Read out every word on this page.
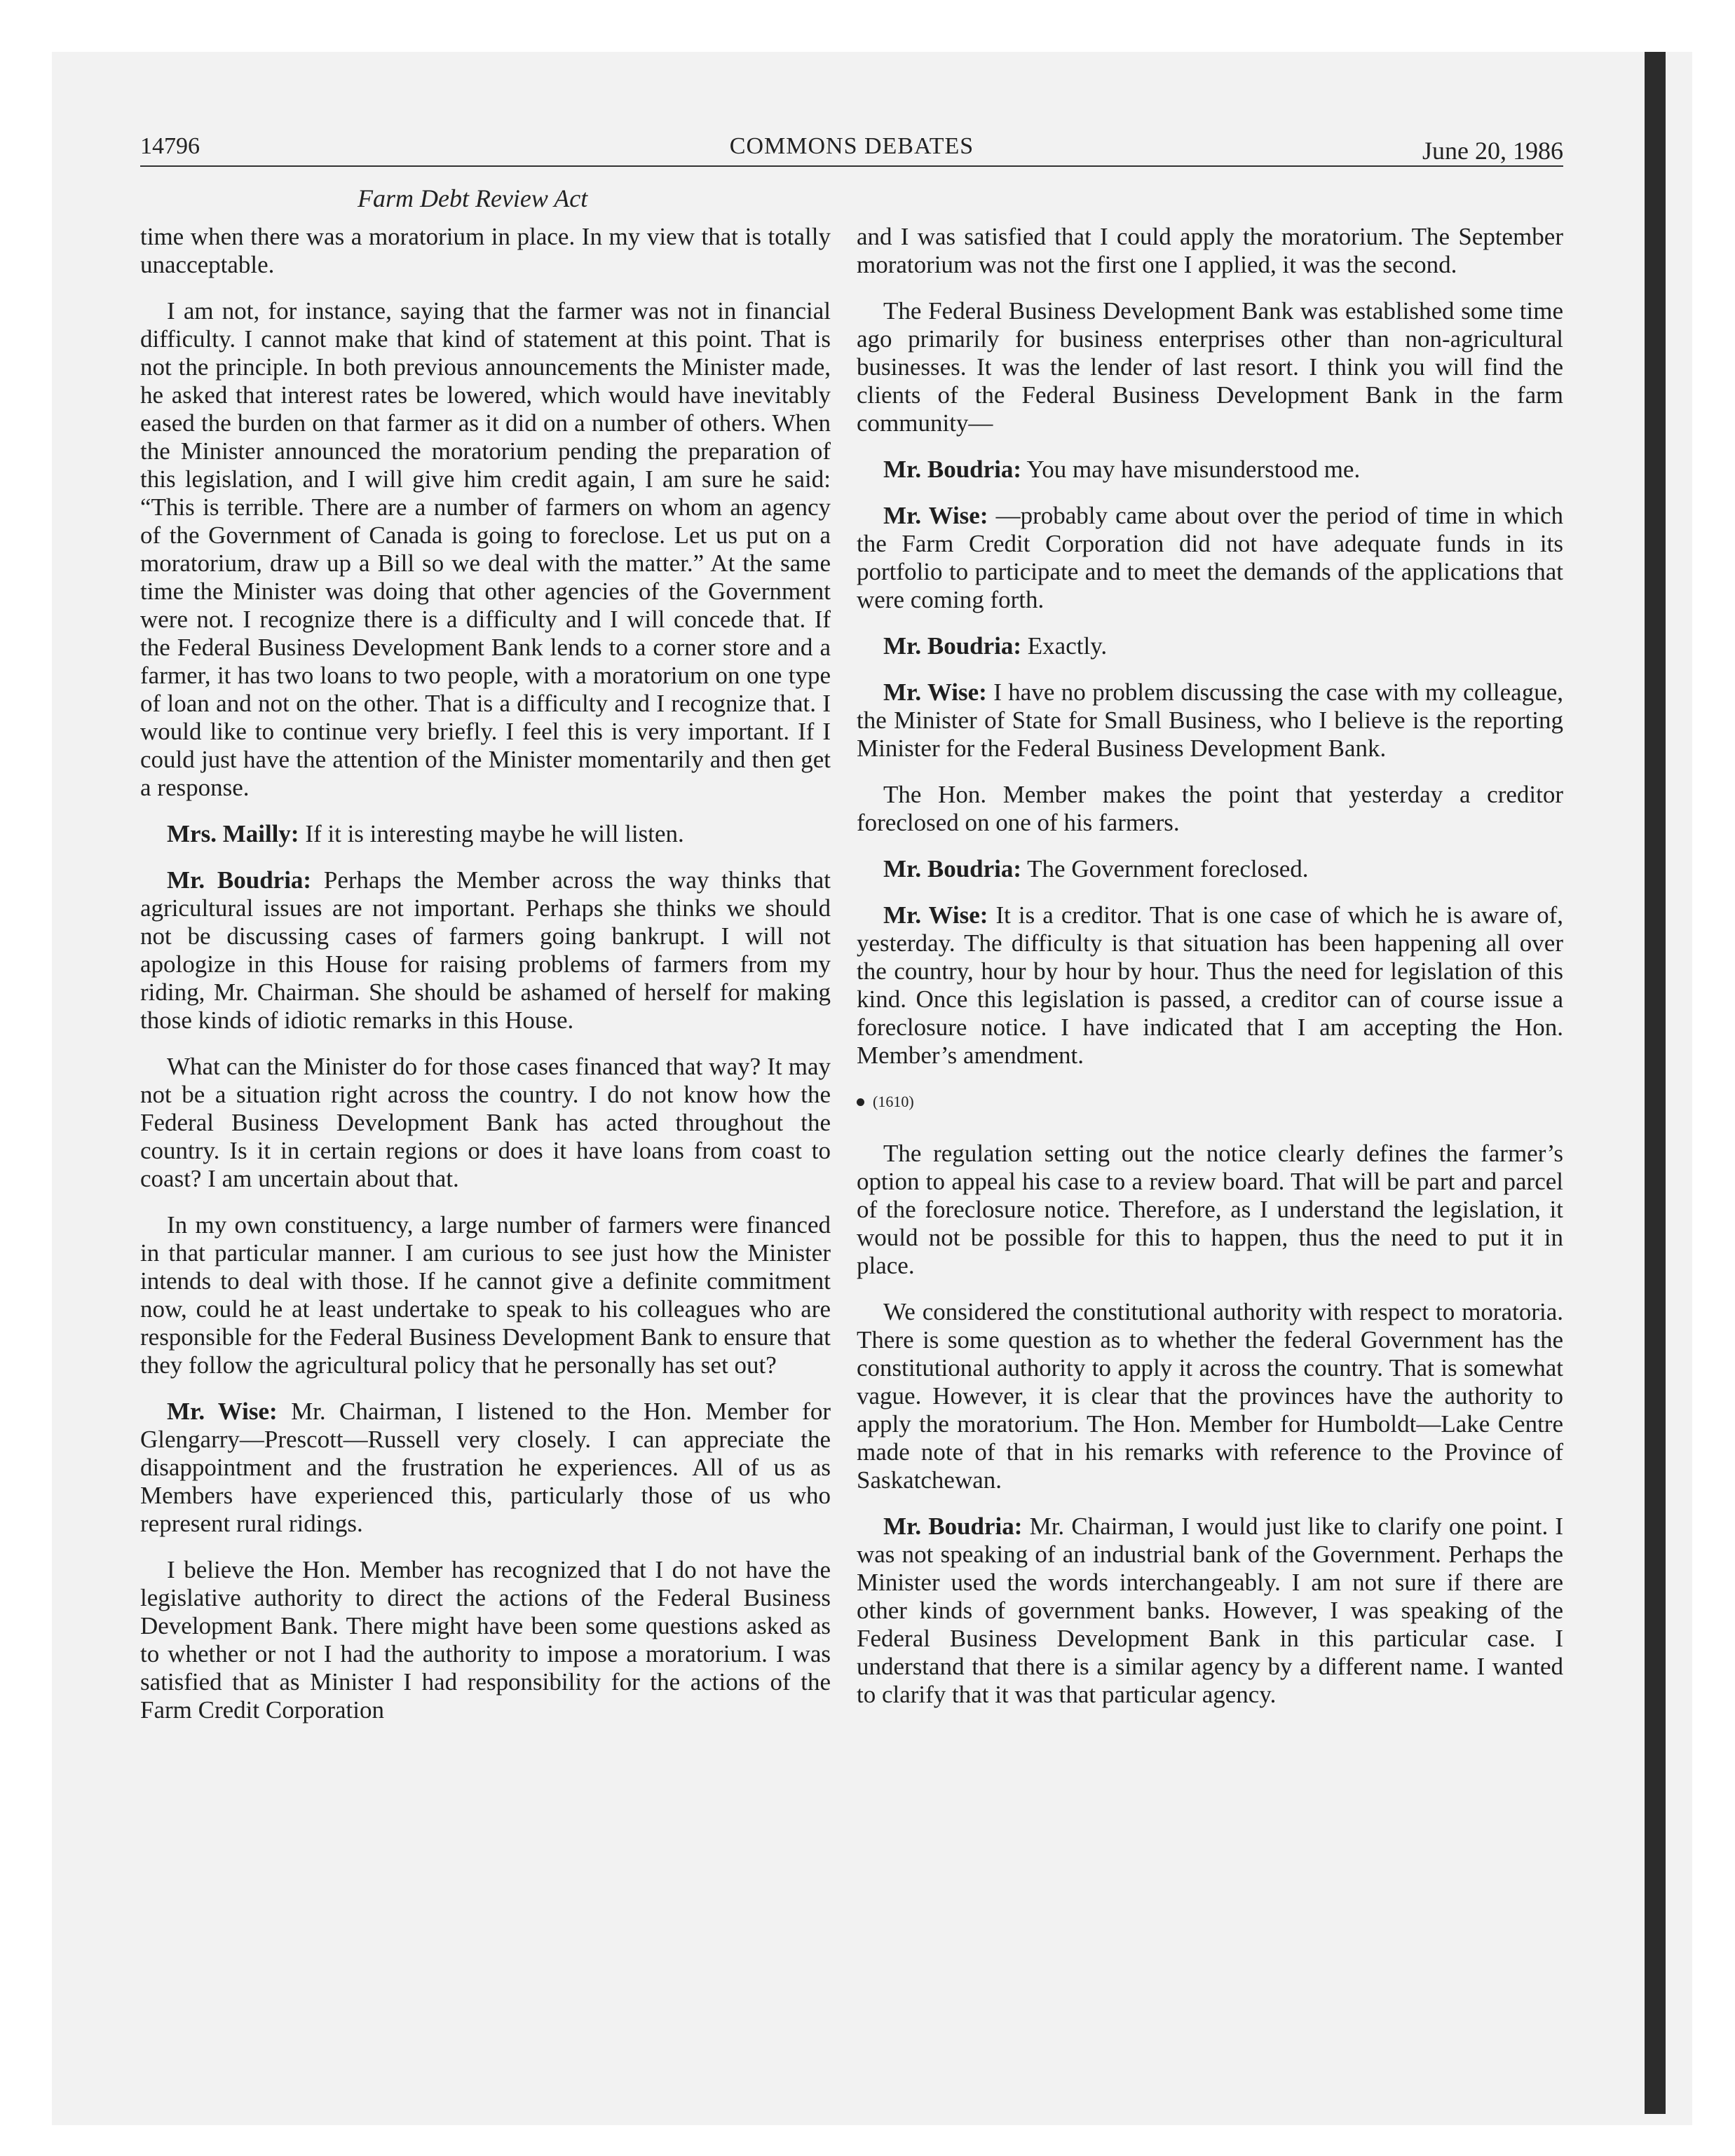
14796	COMMONS DEBATES	June 20, 1986
Farm Debt Review Act

time when there was a moratorium in place. In my view that is totally unacceptable.

I am not, for instance, saying that the farmer was not in financial difficulty. I cannot make that kind of statement at this point. That is not the principle. In both previous announcements the Minister made, he asked that interest rates be lowered, which would have inevitably eased the burden on that farmer as it did on a number of others. When the Minister announced the moratorium pending the preparation of this legislation, and I will give him credit again, I am sure he said: “This is terrible. There are a number of farmers on whom an agency of the Government of Canada is going to foreclose. Let us put on a moratorium, draw up a Bill so we deal with the matter.” At the same time the Minister was doing that other agencies of the Government were not. I recognize there is a difficulty and I will concede that. If the Federal Business Development Bank lends to a corner store and a farmer, it has two loans to two people, with a moratorium on one type of loan and not on the other. That is a difficulty and I recognize that. I would like to continue very briefly. I feel this is very important. If I could just have the attention of the Minister momentarily and then get a response.

Mrs. Mailly: If it is interesting maybe he will listen.

Mr. Boudria: Perhaps the Member across the way thinks that agricultural issues are not important. Perhaps she thinks we should not be discussing cases of farmers going bankrupt. I will not apologize in this House for raising problems of farmers from my riding, Mr. Chairman. She should be ashamed of herself for making those kinds of idiotic remarks in this House.

What can the Minister do for those cases financed that way? It may not be a situation right across the country. I do not know how the Federal Business Development Bank has acted throughout the country. Is it in certain regions or does it have loans from coast to coast? I am uncertain about that.

In my own constituency, a large number of farmers were financed in that particular manner. I am curious to see just how the Minister intends to deal with those. If he cannot give a definite commitment now, could he at least undertake to speak to his colleagues who are responsible for the Federal Business Development Bank to ensure that they follow the agricultural policy that he personally has set out?

Mr. Wise: Mr. Chairman, I listened to the Hon. Member for Glengarry—Prescott—Russell very closely. I can appreciate the disappointment and the frustration he experiences. All of us as Members have experienced this, particularly those of us who represent rural ridings.

I believe the Hon. Member has recognized that I do not have the legislative authority to direct the actions of the Federal Business Development Bank. There might have been some questions asked as to whether or not I had the authority to impose a moratorium. I was satisfied that as Minister I had responsibility for the actions of the Farm Credit Corporation

and I was satisfied that I could apply the moratorium. The September moratorium was not the first one I applied, it was the second.

The Federal Business Development Bank was established some time ago primarily for business enterprises other than non-agricultural businesses. It was the lender of last resort. I think you will find the clients of the Federal Business Development Bank in the farm community—

Mr. Boudria: You may have misunderstood me.

Mr. Wise: —probably came about over the period of time in which the Farm Credit Corporation did not have adequate funds in its portfolio to participate and to meet the demands of the applications that were coming forth.

Mr. Boudria: Exactly.

Mr. Wise: I have no problem discussing the case with my colleague, the Minister of State for Small Business, who I believe is the reporting Minister for the Federal Business Development Bank.

The Hon. Member makes the point that yesterday a creditor foreclosed on one of his farmers.

Mr. Boudria: The Government foreclosed.

Mr. Wise: It is a creditor. That is one case of which he is aware of, yesterday. The difficulty is that situation has been happening all over the country, hour by hour by hour. Thus the need for legislation of this kind. Once this legislation is passed, a creditor can of course issue a foreclosure notice. I have indicated that I am accepting the Hon. Member’s amendment.

(1610)

The regulation setting out the notice clearly defines the farmer’s option to appeal his case to a review board. That will be part and parcel of the foreclosure notice. Therefore, as I understand the legislation, it would not be possible for this to happen, thus the need to put it in place.

We considered the constitutional authority with respect to moratoria. There is some question as to whether the federal Government has the constitutional authority to apply it across the country. That is somewhat vague. However, it is clear that the provinces have the authority to apply the moratorium. The Hon. Member for Humboldt—Lake Centre made note of that in his remarks with reference to the Province of Saskatchewan.

Mr. Boudria: Mr. Chairman, I would just like to clarify one point. I was not speaking of an industrial bank of the Government. Perhaps the Minister used the words interchangeably. I am not sure if there are other kinds of government banks. However, I was speaking of the Federal Business Development Bank in this particular case. I understand that there is a similar agency by a different name. I wanted to clarify that it was that particular agency.
